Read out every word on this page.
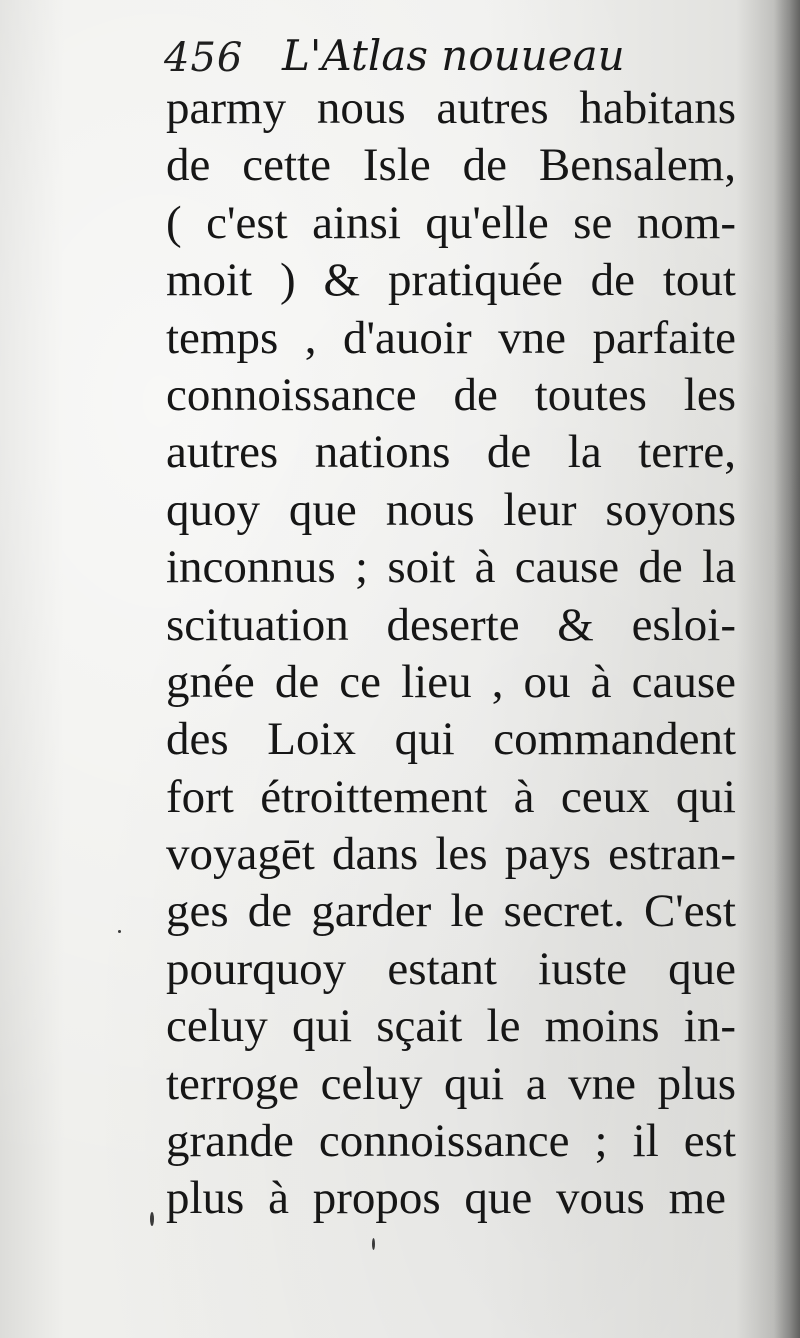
456 L'Atlas nouueau
parmy nous autres habitans
de cette Isle de Bensalem,
( c'est ainsi qu'elle se nom-
moit ) & pratiquée de tout
temps , d'auoir vne parfaite
connoissance de toutes les
autres nations de la terre,
quoy que nous leur soyons
inconnus ; soit à cause de la
scituation deserte & esloi-
gnée de ce lieu , ou à cause
des Loix qui commandent
fort étroittement à ceux qui
voyagēt dans les pays estran-
ges de garder le secret. C'est
pourquoy estant iuste que
celuy qui sçait le moins in-
terroge celuy qui a vne plus
grande connoissance ; il est
plus à propos que vous me
